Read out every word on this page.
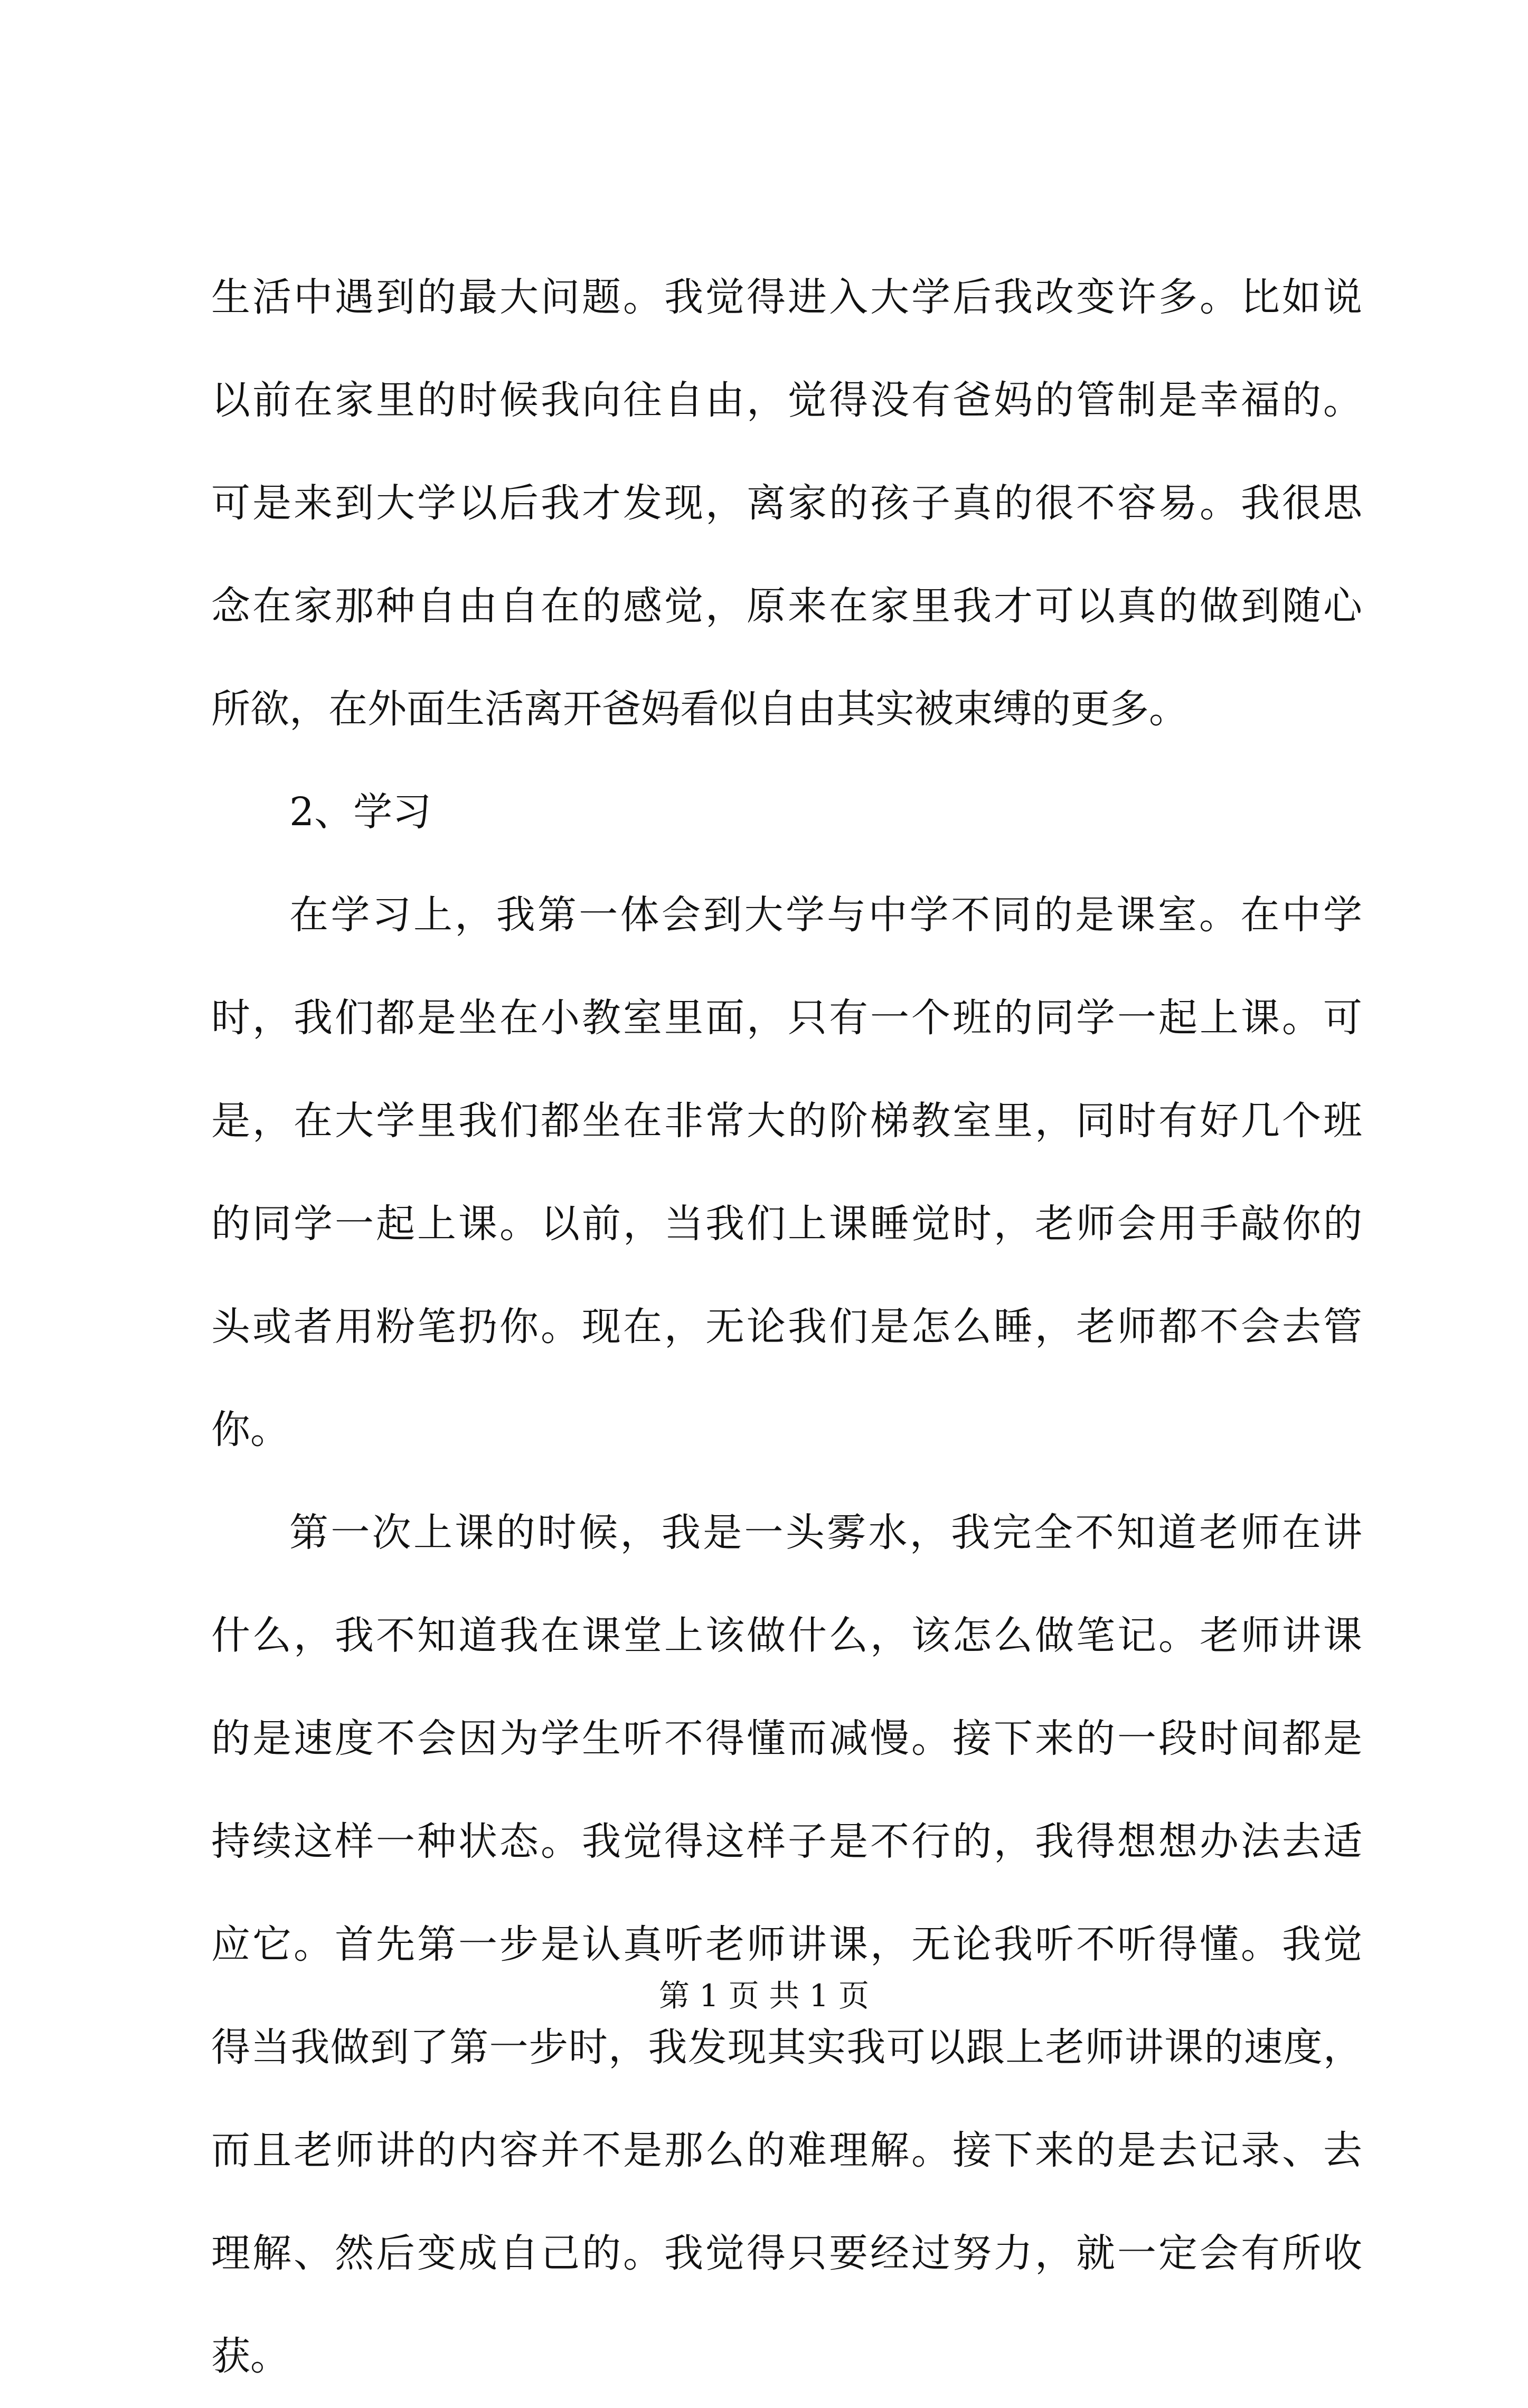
生活中遇到的最大问题。我觉得进入大学后我改变许多。比如说
以前在家里的时候我向往自由，觉得没有爸妈的管制是幸福的。
可是来到大学以后我才发现，离家的孩子真的很不容易。我很思
念在家那种自由自在的感觉，原来在家里我才可以真的做到随心
所欲，在外面生活离开爸妈看似自由其实被束缚的更多。
2、学习
在学习上，我第一体会到大学与中学不同的是课室。在中学
时，我们都是坐在小教室里面，只有一个班的同学一起上课。可
是，在大学里我们都坐在非常大的阶梯教室里，同时有好几个班
的同学一起上课。以前，当我们上课睡觉时，老师会用手敲你的
头或者用粉笔扔你。现在，无论我们是怎么睡，老师都不会去管
你。
第一次上课的时候，我是一头雾水，我完全不知道老师在讲
什么，我不知道我在课堂上该做什么，该怎么做笔记。老师讲课
的是速度不会因为学生听不得懂而减慢。接下来的一段时间都是
持续这样一种状态。我觉得这样子是不行的，我得想想办法去适
应它。首先第一步是认真听老师讲课，无论我听不听得懂。我觉
得当我做到了第一步时，我发现其实我可以跟上老师讲课的速度，
而且老师讲的内容并不是那么的难理解。接下来的是去记录、去
理解、然后变成自己的。我觉得只要经过努力，就一定会有所收
获。
第 1 页 共 1 页
